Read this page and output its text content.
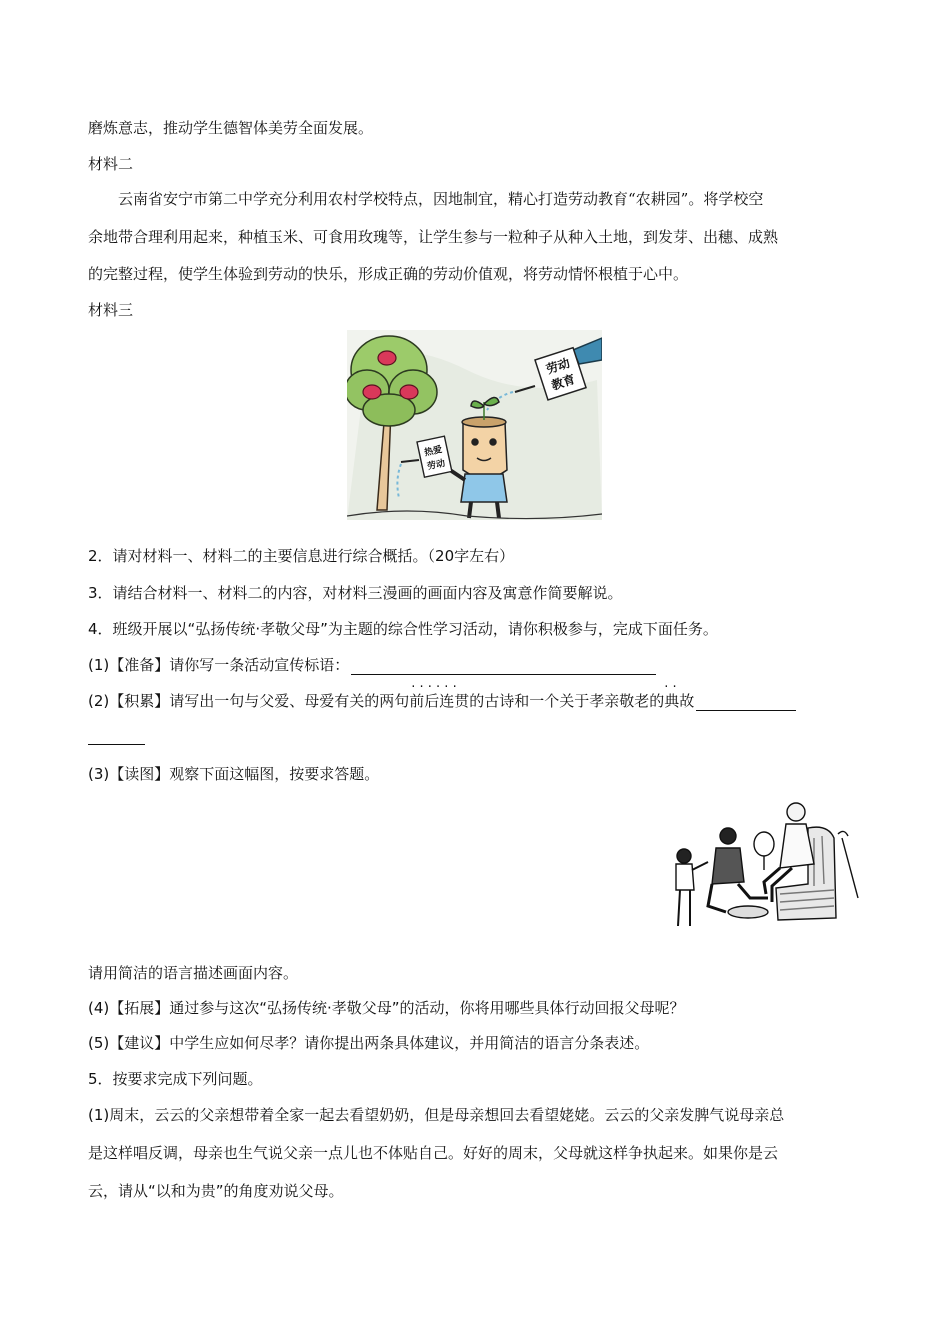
磨炼意志，推动学生德智体美劳全面发展。
材料二
云南省安宁市第二中学充分利用农村学校特点，因地制宜，精心打造劳动教育“农耕园”。将学校空
余地带合理利用起来，种植玉米、可食用玫瑰等，让学生参与一粒种子从种入土地，到发芽、出穗、成熟
的完整过程，使学生体验到劳动的快乐，形成正确的劳动价值观，将劳动情怀根植于心中。
材料三
劳动
教育
热爱
劳动
2．请对材料一、材料二的主要信息进行综合概括。（20字左右）
3．请结合材料一、材料二的内容，对材料三漫画的画面内容及寓意作简要解说。
4．班级开展以“弘扬传统·孝敬父母”为主题的综合性学习活动，请你积极参与，完成下面任务。
(1)【准备】请你写一条活动宣传标语：
(2)【积累】请写出一句与父爱、母爱有关的两句· · 前后连贯的古诗和一个关于孝亲敬老的· · 典故
(3)【读图】观察下面这幅图，按要求答题。
请用简洁的语言描述画面内容。
(4)【拓展】通过参与这次“弘扬传统·孝敬父母”的活动，你将用哪些具体行动回报父母呢？
(5)【建议】中学生应如何尽孝？请你提出两条具体建议，并用简洁的语言分条表述。
5．按要求完成下列问题。
(1)周末，云云的父亲想带着全家一起去看望奶奶，但是母亲想回去看望姥姥。云云的父亲发脾气说母亲总
是这样唱反调，母亲也生气说父亲一点儿也不体贴自己。好好的周末，父母就这样争执起来。如果你是云
云，请从“以和为贵”的角度劝说父母。
